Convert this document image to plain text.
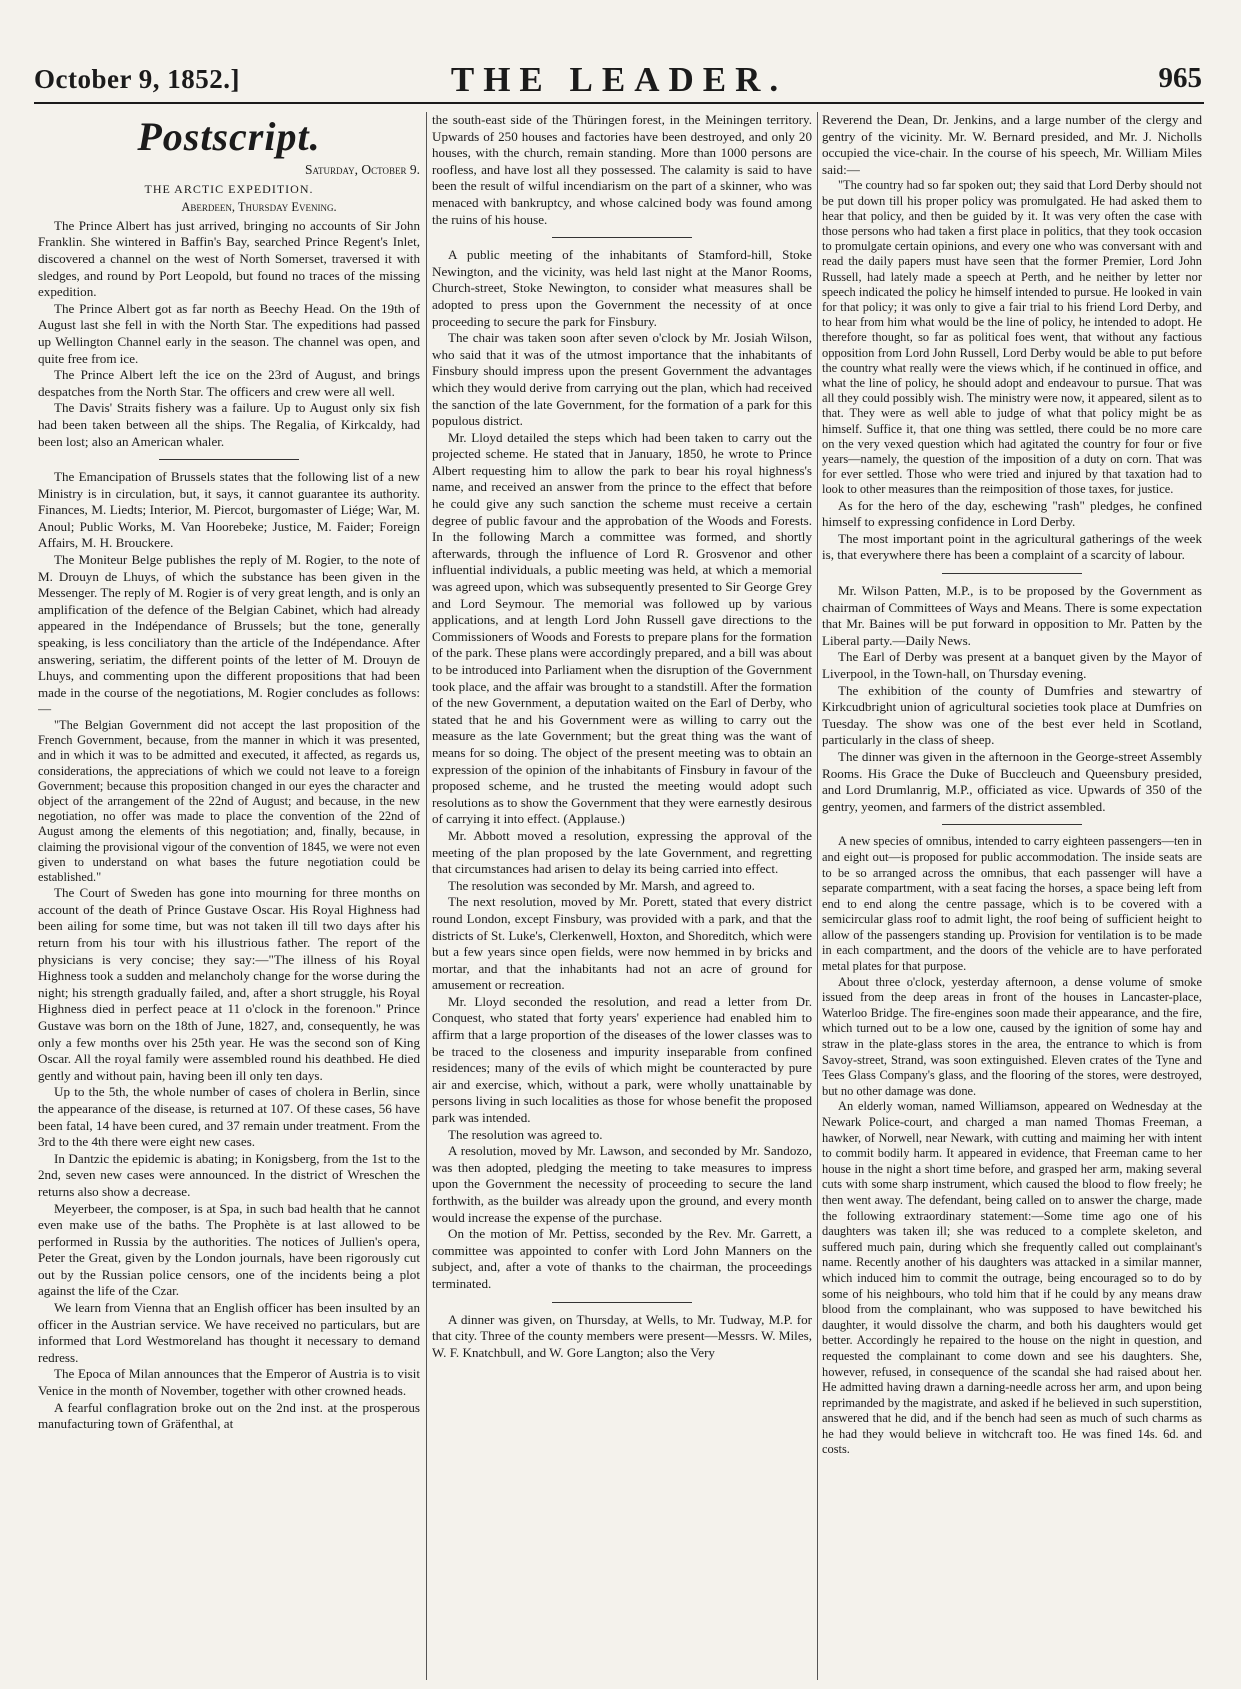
October 9, 1852.]	THE LEADER.	965
Postscript.
Saturday, October 9.
THE ARCTIC EXPEDITION.
Aberdeen, Thursday Evening.

The Prince Albert has just arrived, bringing no accounts of Sir John Franklin. She wintered in Baffin's Bay, searched Prince Regent's Inlet, discovered a channel on the west of North Somerset, traversed it with sledges, and round by Port Leopold, but found no traces of the missing expedition.

The Prince Albert got as far north as Beechy Head. On the 19th of August last she fell in with the North Star. The expeditions had passed up Wellington Channel early in the season. The channel was open, and quite free from ice.

The Prince Albert left the ice on the 23rd of August, and brings despatches from the North Star. The officers and crew were all well.

The Davis' Straits fishery was a failure. Up to August only six fish had been taken between all the ships. The Regalia, of Kirkcaldy, had been lost; also an American whaler.

The Emancipation of Brussels states that the following list of a new Ministry is in circulation, but, it says, it cannot guarantee its authority. Finances, M. Liedts; Interior, M. Piercot, burgomaster of Liége; War, M. Anoul; Public Works, M. Van Hoorebeke; Justice, M. Faider; Foreign Affairs, M. H. Brouckere.

The Moniteur Belge publishes the reply of M. Rogier, to the note of M. Drouyn de Lhuys, of which the substance has been given in the Messenger. The reply of M. Rogier is of very great length, and is only an amplification of the defence of the Belgian Cabinet, which had already appeared in the Indépendance of Brussels; but the tone, generally speaking, is less conciliatory than the article of the Indépendance. After answering, seriatim, the different points of the letter of M. Drouyn de Lhuys, and commenting upon the different propositions that had been made in the course of the negotiations, M. Rogier concludes as follows:—

"The Belgian Government did not accept the last proposition of the French Government, because, from the manner in which it was presented, and in which it was to be admitted and executed, it affected, as regards us, considerations, the appreciations of which we could not leave to a foreign Government; because this proposition changed in our eyes the character and object of the arrangement of the 22nd of August; and because, in the new negotiation, no offer was made to place the convention of the 22nd of August among the elements of this negotiation; and, finally, because, in claiming the provisional vigour of the convention of 1845, we were not even given to understand on what bases the future negotiation could be established."

The Court of Sweden has gone into mourning for three months on account of the death of Prince Gustave Oscar. His Royal Highness had been ailing for some time, but was not taken ill till two days after his return from his tour with his illustrious father. The report of the physicians is very concise; they say:—"The illness of his Royal Highness took a sudden and melancholy change for the worse during the night; his strength gradually failed, and, after a short struggle, his Royal Highness died in perfect peace at 11 o'clock in the forenoon." Prince Gustave was born on the 18th of June, 1827, and, consequently, he was only a few months over his 25th year. He was the second son of King Oscar. All the royal family were assembled round his deathbed. He died gently and without pain, having been ill only ten days.

Up to the 5th, the whole number of cases of cholera in Berlin, since the appearance of the disease, is returned at 107. Of these cases, 56 have been fatal, 14 have been cured, and 37 remain under treatment. From the 3rd to the 4th there were eight new cases.

In Dantzic the epidemic is abating; in Konigsberg, from the 1st to the 2nd, seven new cases were announced. In the district of Wreschen the returns also show a decrease.

Meyerbeer, the composer, is at Spa, in such bad health that he cannot even make use of the baths. The Prophète is at last allowed to be performed in Russia by the authorities. The notices of Jullien's opera, Peter the Great, given by the London journals, have been rigorously cut out by the Russian police censors, one of the incidents being a plot against the life of the Czar.

We learn from Vienna that an English officer has been insulted by an officer in the Austrian service. We have received no particulars, but are informed that Lord Westmoreland has thought it necessary to demand redress.

The Epoca of Milan announces that the Emperor of Austria is to visit Venice in the month of November, together with other crowned heads.

A fearful conflagration broke out on the 2nd inst. at the prosperous manufacturing town of Gräfenthal, at

the south-east side of the Thüringen forest, in the Meiningen territory. Upwards of 250 houses and factories have been destroyed, and only 20 houses, with the church, remain standing. More than 1000 persons are roofless, and have lost all they possessed. The calamity is said to have been the result of wilful incendiarism on the part of a skinner, who was menaced with bankruptcy, and whose calcined body was found among the ruins of his house.

A public meeting of the inhabitants of Stamford-hill, Stoke Newington, and the vicinity, was held last night at the Manor Rooms, Church-street, Stoke Newington, to consider what measures shall be adopted to press upon the Government the necessity of at once proceeding to secure the park for Finsbury.

The chair was taken soon after seven o'clock by Mr. Josiah Wilson, who said that it was of the utmost importance that the inhabitants of Finsbury should impress upon the present Government the advantages which they would derive from carrying out the plan, which had received the sanction of the late Government, for the formation of a park for this populous district.

Mr. Lloyd detailed the steps which had been taken to carry out the projected scheme. He stated that in January, 1850, he wrote to Prince Albert requesting him to allow the park to bear his royal highness's name, and received an answer from the prince to the effect that before he could give any such sanction the scheme must receive a certain degree of public favour and the approbation of the Woods and Forests. In the following March a committee was formed, and shortly afterwards, through the influence of Lord R. Grosvenor and other influential individuals, a public meeting was held, at which a memorial was agreed upon, which was subsequently presented to Sir George Grey and Lord Seymour. The memorial was followed up by various applications, and at length Lord John Russell gave directions to the Commissioners of Woods and Forests to prepare plans for the formation of the park. These plans were accordingly prepared, and a bill was about to be introduced into Parliament when the disruption of the Government took place, and the affair was brought to a standstill. After the formation of the new Government, a deputation waited on the Earl of Derby, who stated that he and his Government were as willing to carry out the measure as the late Government; but the great thing was the want of means for so doing. The object of the present meeting was to obtain an expression of the opinion of the inhabitants of Finsbury in favour of the proposed scheme, and he trusted the meeting would adopt such resolutions as to show the Government that they were earnestly desirous of carrying it into effect. (Applause.)

Mr. Abbott moved a resolution, expressing the approval of the meeting of the plan proposed by the late Government, and regretting that circumstances had arisen to delay its being carried into effect.

The resolution was seconded by Mr. Marsh, and agreed to.

The next resolution, moved by Mr. Porett, stated that every district round London, except Finsbury, was provided with a park, and that the districts of St. Luke's, Clerkenwell, Hoxton, and Shoreditch, which were but a few years since open fields, were now hemmed in by bricks and mortar, and that the inhabitants had not an acre of ground for amusement or recreation.

Mr. Lloyd seconded the resolution, and read a letter from Dr. Conquest, who stated that forty years' experience had enabled him to affirm that a large proportion of the diseases of the lower classes was to be traced to the closeness and impurity inseparable from confined residences; many of the evils of which might be counteracted by pure air and exercise, which, without a park, were wholly unattainable by persons living in such localities as those for whose benefit the proposed park was intended.

The resolution was agreed to.

A resolution, moved by Mr. Lawson, and seconded by Mr. Sandozo, was then adopted, pledging the meeting to take measures to impress upon the Government the necessity of proceeding to secure the land forthwith, as the builder was already upon the ground, and every month would increase the expense of the purchase.

On the motion of Mr. Pettiss, seconded by the Rev. Mr. Garrett, a committee was appointed to confer with Lord John Manners on the subject, and, after a vote of thanks to the chairman, the proceedings terminated.

A dinner was given, on Thursday, at Wells, to Mr. Tudway, M.P. for that city. Three of the county members were present—Messrs. W. Miles, W. F. Knatchbull, and W. Gore Langton; also the Very

Reverend the Dean, Dr. Jenkins, and a large number of the clergy and gentry of the vicinity. Mr. W. Bernard presided, and Mr. J. Nicholls occupied the vice-chair. In the course of his speech, Mr. William Miles said:—

"The country had so far spoken out; they said that Lord Derby should not be put down till his proper policy was promulgated. He had asked them to hear that policy, and then be guided by it. It was very often the case with those persons who had taken a first place in politics, that they took occasion to promulgate certain opinions, and every one who was conversant with and read the daily papers must have seen that the former Premier, Lord John Russell, had lately made a speech at Perth, and he neither by letter nor speech indicated the policy he himself intended to pursue. He looked in vain for that policy; it was only to give a fair trial to his friend Lord Derby, and to hear from him what would be the line of policy, he intended to adopt. He therefore thought, so far as political foes went, that without any factious opposition from Lord John Russell, Lord Derby would be able to put before the country what really were the views which, if he continued in office, and what the line of policy, he should adopt and endeavour to pursue. That was all they could possibly wish. The ministry were now, it appeared, silent as to that. They were as well able to judge of what that policy might be as himself. Suffice it, that one thing was settled, there could be no more care on the very vexed question which had agitated the country for four or five years—namely, the question of the imposition of a duty on corn. That was for ever settled. Those who were tried and injured by that taxation had to look to other measures than the reimposition of those taxes, for justice.

As for the hero of the day, eschewing "rash" pledges, he confined himself to expressing confidence in Lord Derby.

The most important point in the agricultural gatherings of the week is, that everywhere there has been a complaint of a scarcity of labour.

Mr. Wilson Patten, M.P., is to be proposed by the Government as chairman of Committees of Ways and Means. There is some expectation that Mr. Baines will be put forward in opposition to Mr. Patten by the Liberal party.—Daily News.

The Earl of Derby was present at a banquet given by the Mayor of Liverpool, in the Town-hall, on Thursday evening.

The exhibition of the county of Dumfries and stewartry of Kirkcudbright union of agricultural societies took place at Dumfries on Tuesday. The show was one of the best ever held in Scotland, particularly in the class of sheep.

The dinner was given in the afternoon in the George-street Assembly Rooms. His Grace the Duke of Buccleuch and Queensbury presided, and Lord Drumlanrig, M.P., officiated as vice. Upwards of 350 of the gentry, yeomen, and farmers of the district assembled.

A new species of omnibus, intended to carry eighteen passengers—ten in and eight out—is proposed for public accommodation. The inside seats are to be so arranged across the omnibus, that each passenger will have a separate compartment, with a seat facing the horses, a space being left from end to end along the centre passage, which is to be covered with a semicircular glass roof to admit light, the roof being of sufficient height to allow of the passengers standing up. Provision for ventilation is to be made in each compartment, and the doors of the vehicle are to have perforated metal plates for that purpose.

About three o'clock, yesterday afternoon, a dense volume of smoke issued from the deep areas in front of the houses in Lancaster-place, Waterloo Bridge. The fire-engines soon made their appearance, and the fire, which turned out to be a low one, caused by the ignition of some hay and straw in the plate-glass stores in the area, the entrance to which is from Savoy-street, Strand, was soon extinguished. Eleven crates of the Tyne and Tees Glass Company's glass, and the flooring of the stores, were destroyed, but no other damage was done.

An elderly woman, named Williamson, appeared on Wednesday at the Newark Police-court, and charged a man named Thomas Freeman, a hawker, of Norwell, near Newark, with cutting and maiming her with intent to commit bodily harm. It appeared in evidence, that Freeman came to her house in the night a short time before, and grasped her arm, making several cuts with some sharp instrument, which caused the blood to flow freely; he then went away. The defendant, being called on to answer the charge, made the following extraordinary statement:—Some time ago one of his daughters was taken ill; she was reduced to a complete skeleton, and suffered much pain, during which she frequently called out complainant's name. Recently another of his daughters was attacked in a similar manner, which induced him to commit the outrage, being encouraged so to do by some of his neighbours, who told him that if he could by any means draw blood from the complainant, who was supposed to have bewitched his daughter, it would dissolve the charm, and both his daughters would get better. Accordingly he repaired to the house on the night in question, and requested the complainant to come down and see his daughters. She, however, refused, in consequence of the scandal she had raised about her. He admitted having drawn a darning-needle across her arm, and upon being reprimanded by the magistrate, and asked if he believed in such superstition, answered that he did, and if the bench had seen as much of such charms as he had they would believe in witchcraft too. He was fined 14s. 6d. and costs.
